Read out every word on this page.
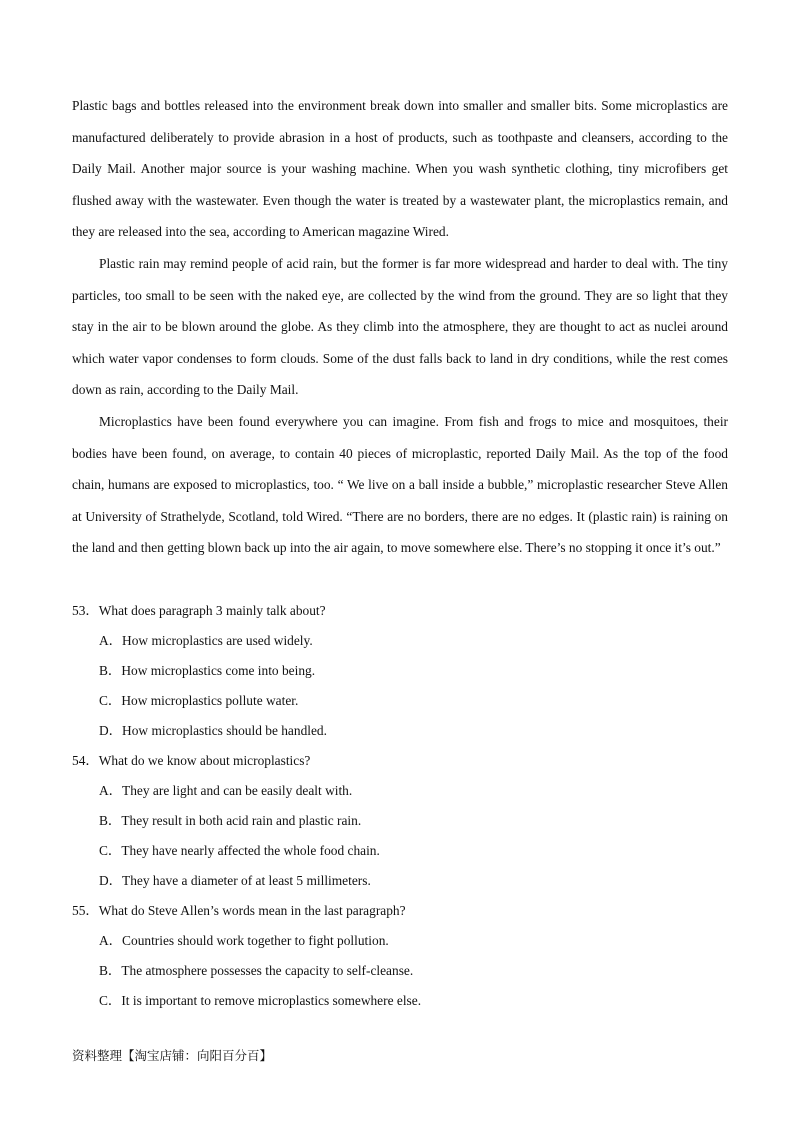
Plastic bags and bottles released into the environment break down into smaller and smaller bits. Some microplastics are manufactured deliberately to provide abrasion in a host of products, such as toothpaste and cleansers, according to the Daily Mail. Another major source is your washing machine. When you wash synthetic clothing, tiny microfibers get flushed away with the wastewater. Even though the water is treated by a wastewater plant, the microplastics remain, and they are released into the sea, according to American magazine Wired.

Plastic rain may remind people of acid rain, but the former is far more widespread and harder to deal with. The tiny particles, too small to be seen with the naked eye, are collected by the wind from the ground. They are so light that they stay in the air to be blown around the globe. As they climb into the atmosphere, they are thought to act as nuclei around which water vapor condenses to form clouds. Some of the dust falls back to land in dry conditions, while the rest comes down as rain, according to the Daily Mail.

Microplastics have been found everywhere you can imagine. From fish and frogs to mice and mosquitoes, their bodies have been found, on average, to contain 40 pieces of microplastic, reported Daily Mail. As the top of the food chain, humans are exposed to microplastics, too. “ We live on a ball inside a bubble,” microplastic researcher Steve Allen at University of Strathelyde, Scotland, told Wired. “There are no borders, there are no edges. It (plastic rain) is raining on the land and then getting blown back up into the air again, to move somewhere else. There’s no stopping it once it’s out.”

53．What does paragraph 3 mainly talk about?

A．How microplastics are used widely.

B．How microplastics come into being.

C．How microplastics pollute water.

D．How microplastics should be handled.

54．What do we know about microplastics?

A．They are light and can be easily dealt with.

B．They result in both acid rain and plastic rain.

C．They have nearly affected the whole food chain.

D．They have a diameter of at least 5 millimeters.

55．What do Steve Allen’s words mean in the last paragraph?

A．Countries should work together to fight pollution.

B．The atmosphere possesses the capacity to self-cleanse.

C．It is important to remove microplastics somewhere else.

资料整理【淘宝店铺：向阳百分百】
